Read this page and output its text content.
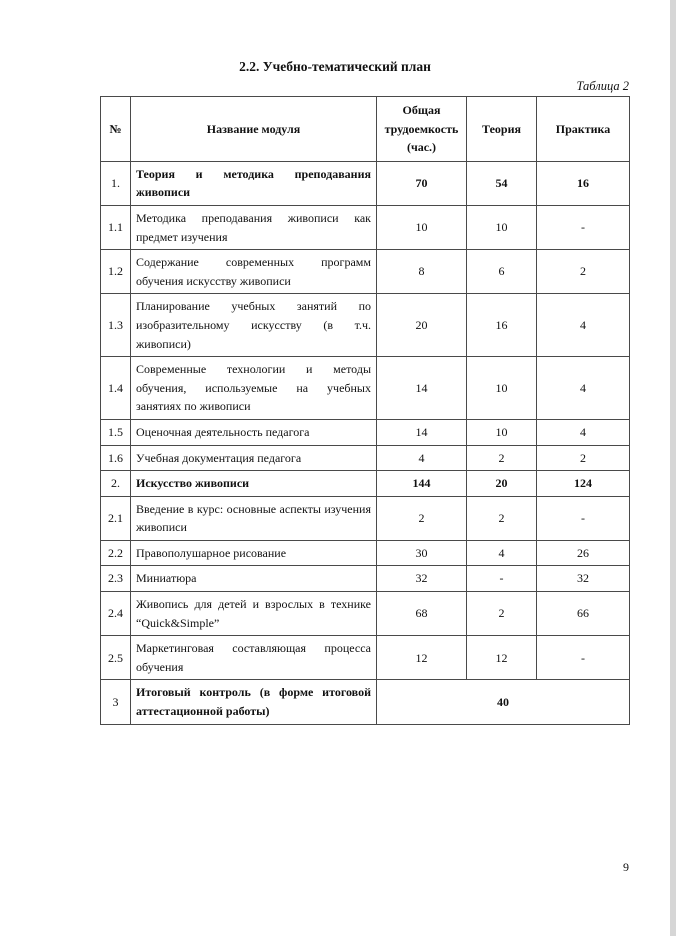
2.2. Учебно-тематический план
Таблица 2
№	Название модуля	Общая трудоемкость (час.)	Теория	Практика
1.	Теория и методика преподавания живописи	70	54	16
1.1	Методика преподавания живописи как предмет изучения	10	10	-
1.2	Содержание современных программ обучения искусству живописи	8	6	2
1.3	Планирование учебных занятий по изобразительному искусству (в т.ч. живописи)	20	16	4
1.4	Современные технологии и методы обучения, используемые на учебных занятиях по живописи	14	10	4
1.5	Оценочная деятельность педагога	14	10	4
1.6	Учебная документация педагога	4	2	2
2.	Искусство живописи	144	20	124
2.1	Введение в курс: основные аспекты изучения живописи	2	2	-
2.2	Правополушарное рисование	30	4	26
2.3	Миниатюра	32	-	32
2.4	Живопись для детей и взрослых в технике “Quick&Simple”	68	2	66
2.5	Маркетинговая составляющая процесса обучения	12	12	-
3	Итоговый контроль (в форме итоговой аттестационной работы)	40		
9
